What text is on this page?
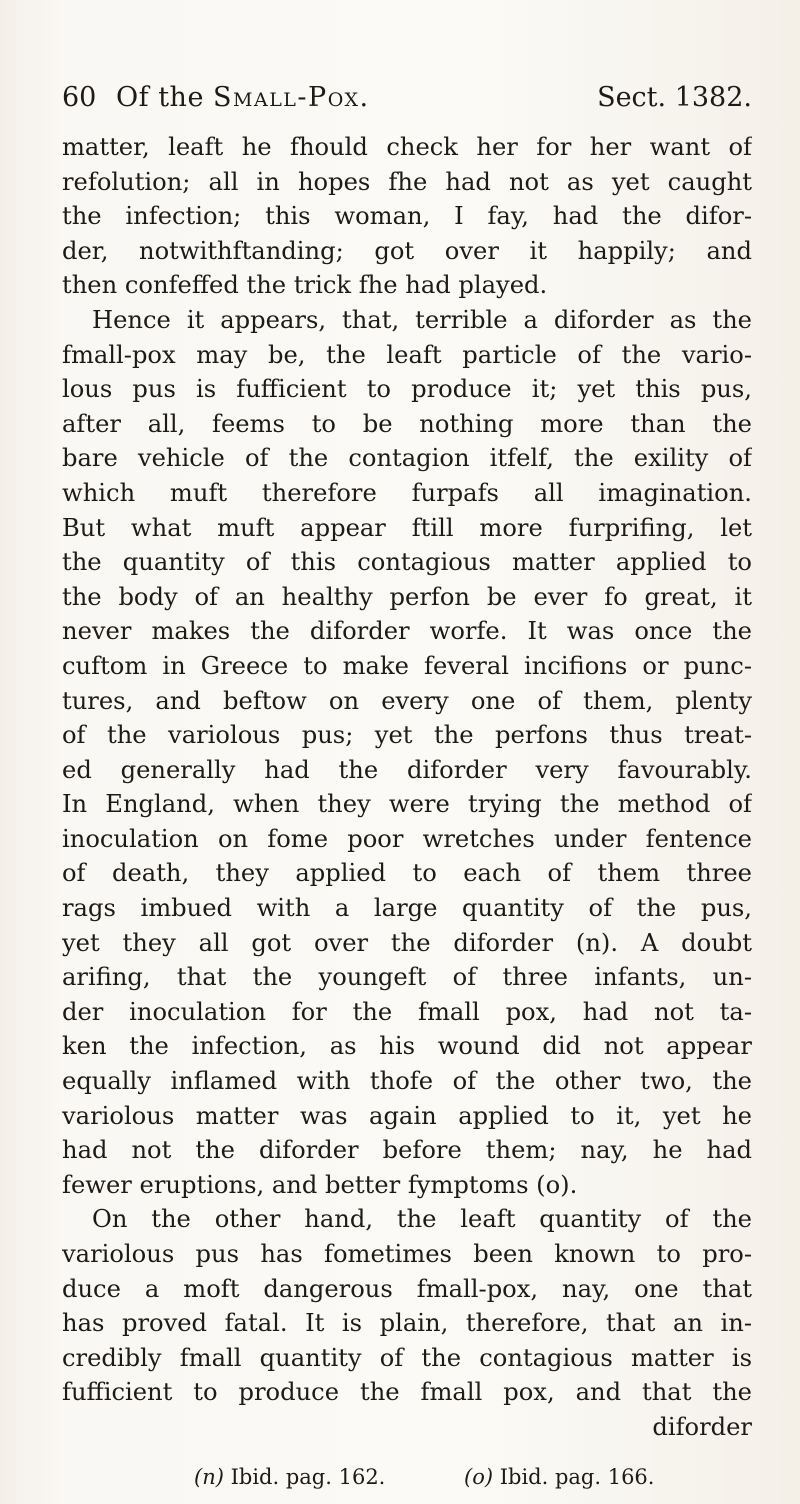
60 Of the Small-Pox.	Sect. 1382.
matter, leaft he fhould check her for her want of
refolution; all in hopes fhe had not as yet caught
the infection; this woman, I fay, had the difor-
der, notwithftanding; got over it happily; and
then confeffed the trick fhe had played.
Hence it appears, that, terrible a diforder as the
fmall-pox may be, the leaft particle of the vario-
lous pus is fufficient to produce it; yet this pus,
after all, feems to be nothing more than the
bare vehicle of the contagion itfelf, the exility of
which muft therefore furpafs all imagination.
But what muft appear ftill more furprifing, let
the quantity of this contagious matter applied to
the body of an healthy perfon be ever fo great, it
never makes the diforder worfe. It was once the
cuftom in Greece to make feveral incifions or punc-
tures, and beftow on every one of them, plenty
of the variolous pus; yet the perfons thus treat-
ed generally had the diforder very favourably.
In England, when they were trying the method of
inoculation on fome poor wretches under fentence
of death, they applied to each of them three
rags imbued with a large quantity of the pus,
yet they all got over the diforder (n). A doubt
arifing, that the youngeft of three infants, un-
der inoculation for the fmall pox, had not ta-
ken the infection, as his wound did not appear
equally inflamed with thofe of the other two, the
variolous matter was again applied to it, yet he
had not the diforder before them; nay, he had
fewer eruptions, and better fymptoms (o).
On the other hand, the leaft quantity of the
variolous pus has fometimes been known to pro-
duce a moft dangerous fmall-pox, nay, one that
has proved fatal. It is plain, therefore, that an in-
credibly fmall quantity of the contagious matter is
fufficient to produce the fmall pox, and that the
diforder
(n) Ibid. pag. 162.	(o) Ibid. pag. 166.
